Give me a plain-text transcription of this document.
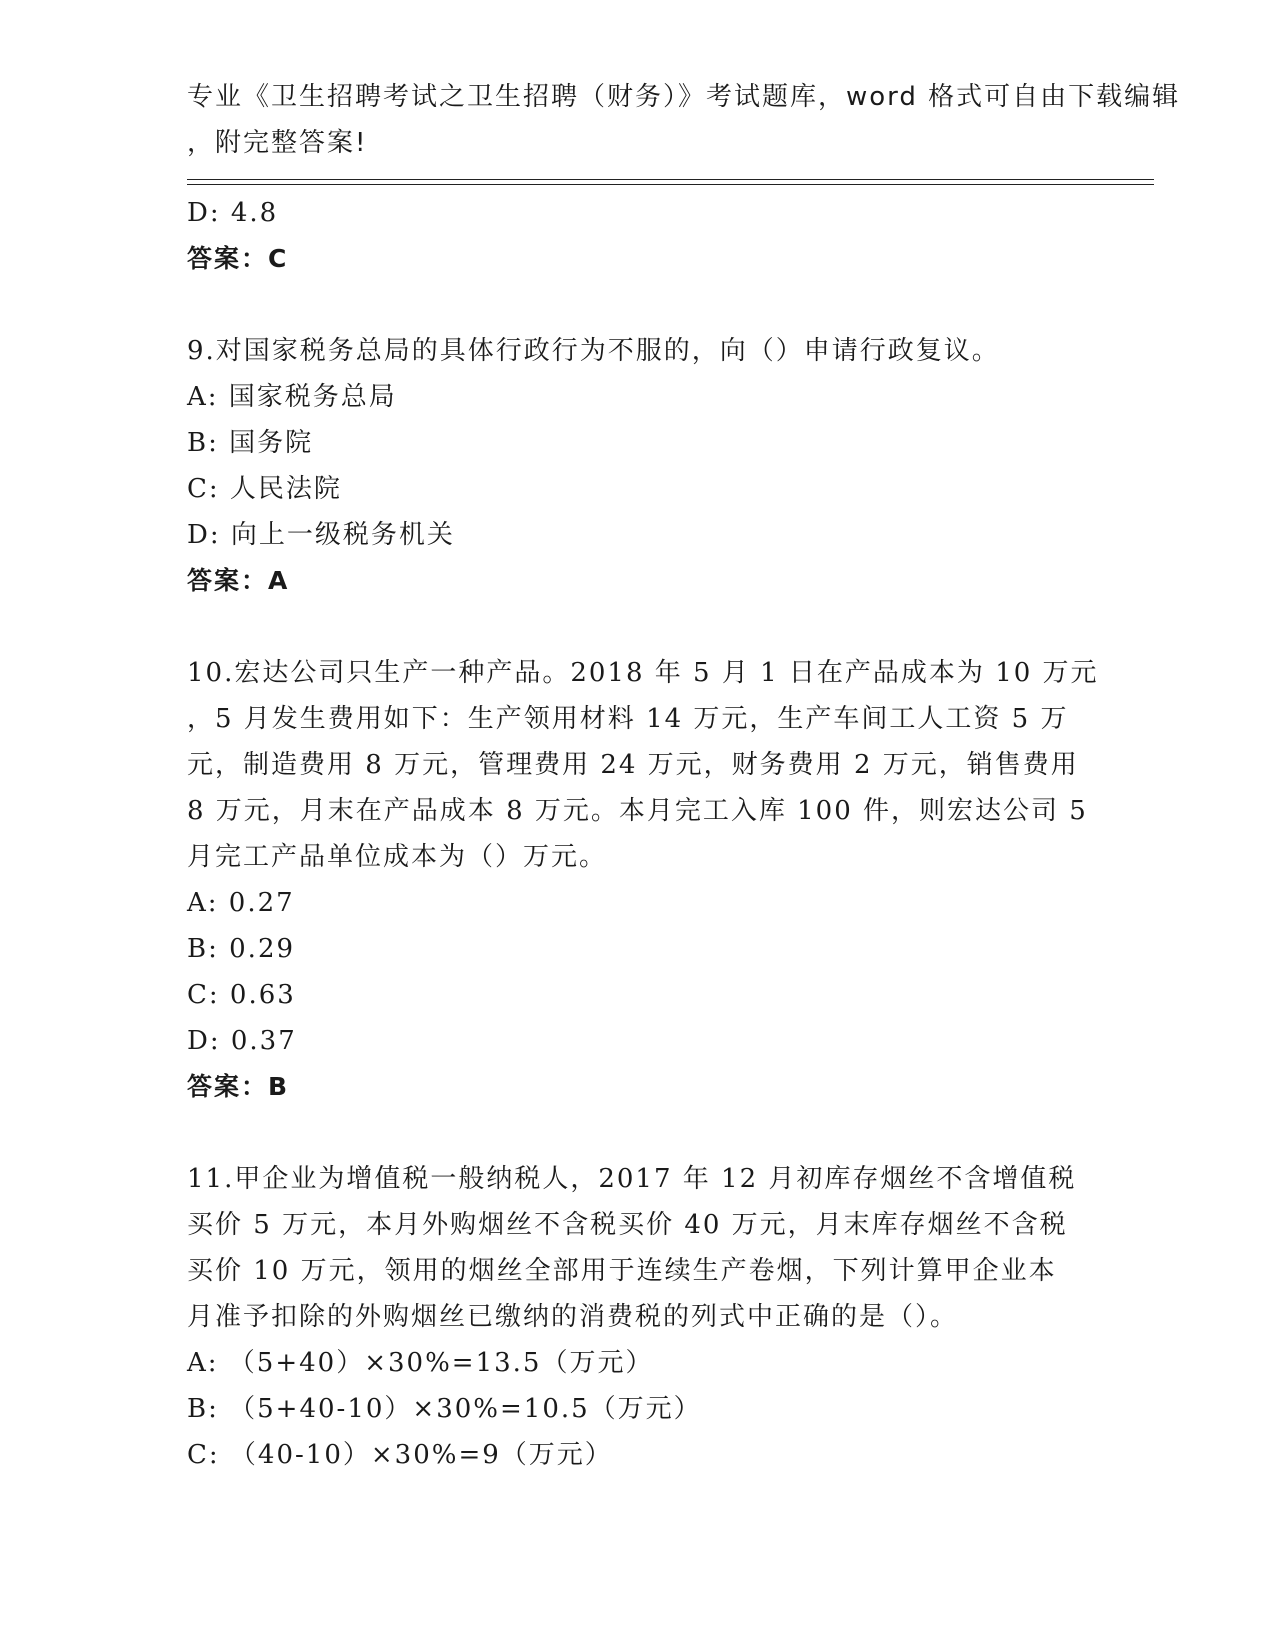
专业《卫生招聘考试之卫生招聘（财务）》考试题库，word 格式可自由下载编辑
，附完整答案!
D: 4.8
答案：C
9.对国家税务总局的具体行政行为不服的，向（）申请行政复议。
A: 国家税务总局
B: 国务院
C: 人民法院
D: 向上一级税务机关
答案：A
10.宏达公司只生产一种产品。2018 年 5 月 1 日在产品成本为 10 万元
，5 月发生费用如下：生产领用材料 14 万元，生产车间工人工资 5 万
元，制造费用 8 万元，管理费用 24 万元，财务费用 2 万元，销售费用
8 万元，月末在产品成本 8 万元。本月完工入库 100 件，则宏达公司 5
月完工产品单位成本为（）万元。
A: 0.27
B: 0.29
C: 0.63
D: 0.37
答案：B
11.甲企业为增值税一般纳税人，2017 年 12 月初库存烟丝不含增值税
买价 5 万元，本月外购烟丝不含税买价 40 万元，月末库存烟丝不含税
买价 10 万元，领用的烟丝全部用于连续生产卷烟，下列计算甲企业本
月准予扣除的外购烟丝已缴纳的消费税的列式中正确的是（）。
A: （5+40）×30%=13.5（万元）
B: （5+40-10）×30%=10.5（万元）
C: （40-10）×30%=9（万元）
